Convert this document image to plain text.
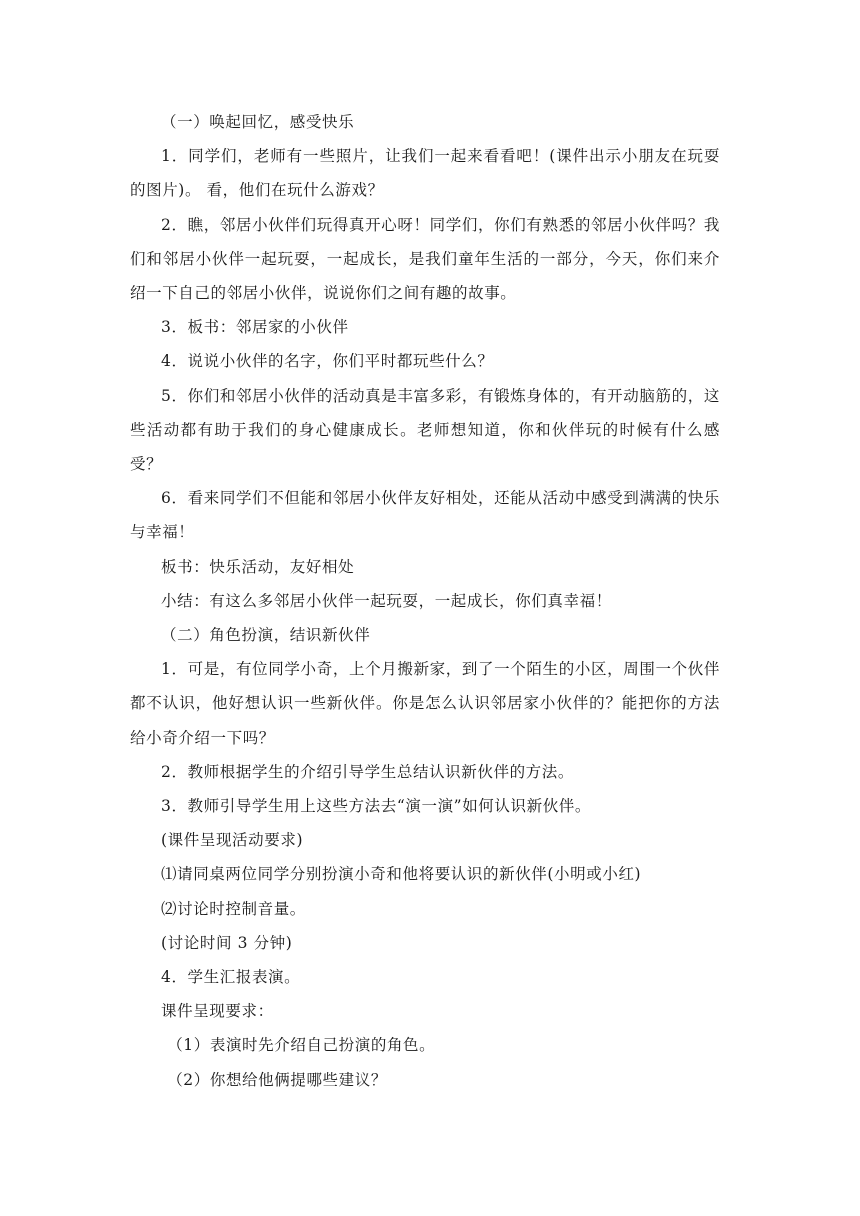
（一）唤起回忆，感受快乐

1．同学们，老师有一些照片，让我们一起来看看吧！(课件出示小朋友在玩耍的图片)。 看，他们在玩什么游戏？

2．瞧，邻居小伙伴们玩得真开心呀！同学们，你们有熟悉的邻居小伙伴吗？我们和邻居小伙伴一起玩耍，一起成长，是我们童年生活的一部分，今天，你们来介绍一下自己的邻居小伙伴，说说你们之间有趣的故事。

3．板书：邻居家的小伙伴

4．说说小伙伴的名字，你们平时都玩些什么？

5．你们和邻居小伙伴的活动真是丰富多彩，有锻炼身体的，有开动脑筋的，这些活动都有助于我们的身心健康成长。老师想知道，你和伙伴玩的时候有什么感受？

6．看来同学们不但能和邻居小伙伴友好相处，还能从活动中感受到满满的快乐与幸福！

板书：快乐活动，友好相处

小结：有这么多邻居小伙伴一起玩耍，一起成长，你们真幸福！

（二）角色扮演，结识新伙伴

1．可是，有位同学小奇，上个月搬新家，到了一个陌生的小区，周围一个伙伴都不认识，他好想认识一些新伙伴。你是怎么认识邻居家小伙伴的？能把你的方法给小奇介绍一下吗？

2．教师根据学生的介绍引导学生总结认识新伙伴的方法。

3．教师引导学生用上这些方法去“演一演”如何认识新伙伴。

(课件呈现活动要求)

⑴请同桌两位同学分别扮演小奇和他将要认识的新伙伴(小明或小红)

⑵讨论时控制音量。

(讨论时间 3 分钟)

4．学生汇报表演。

课件呈现要求：

（1）表演时先介绍自己扮演的角色。

（2）你想给他俩提哪些建议？
